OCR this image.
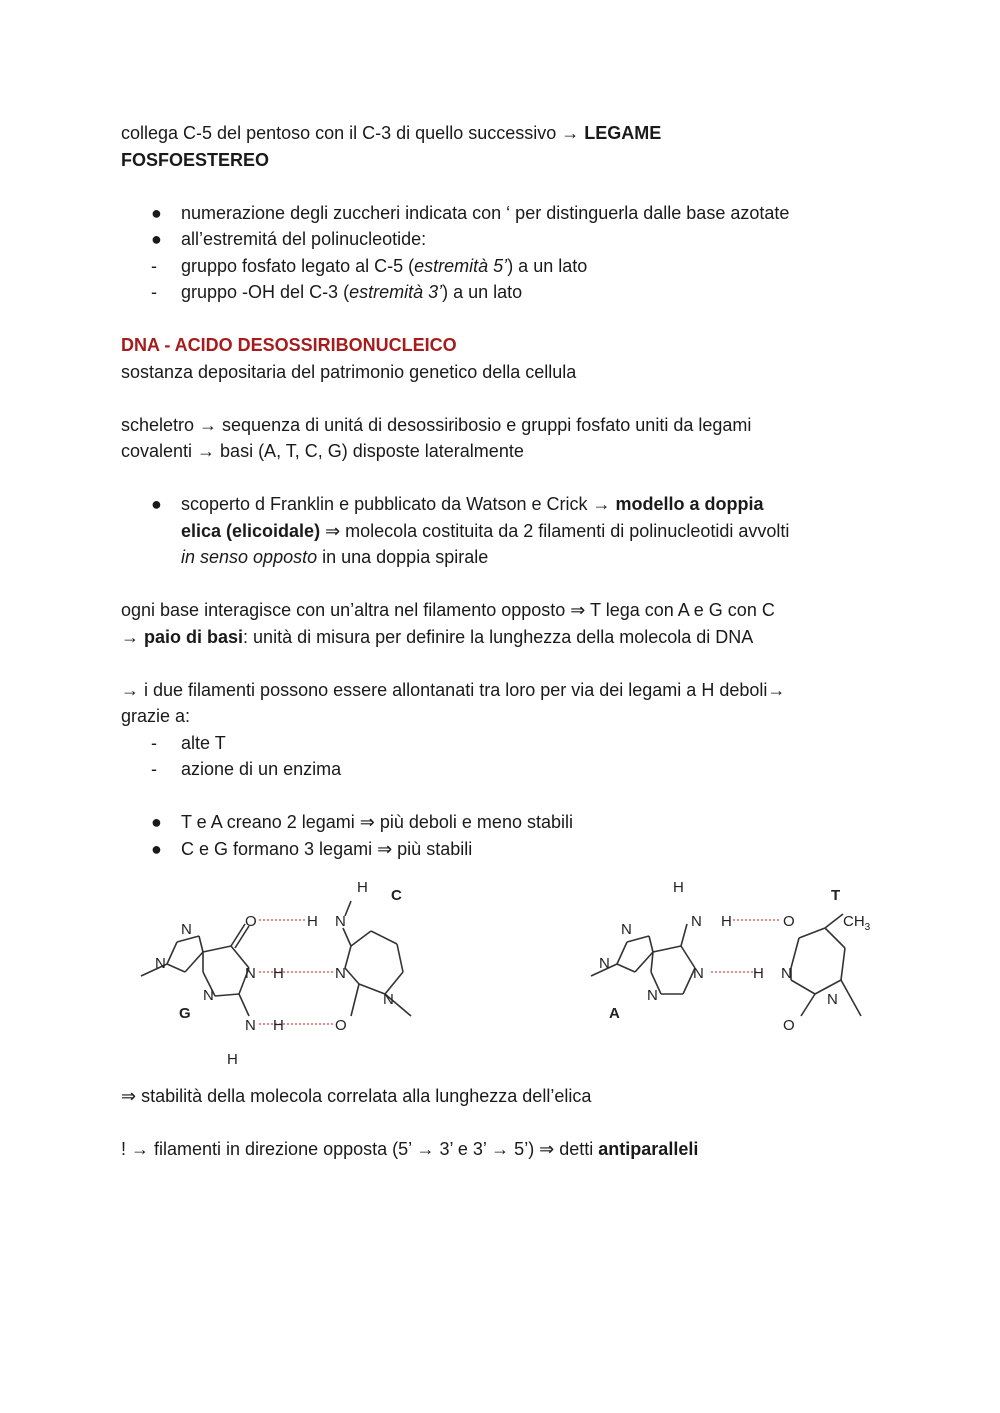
collega C-5 del pentoso con il C-3 di quello successivo → LEGAME

FOSFOESTEREO

●	numerazione degli zuccheri indicata con ‘ per distinguerla dalle base azotate
●	all’estremitá del polinucleotide:
-	gruppo fosfato legato al C-5 (estremità 5’) a un lato
-	gruppo -OH del C-3 (estremità 3’) a un lato

DNA - ACIDO DESOSSIRIBONUCLEICO

sostanza depositaria del patrimonio genetico della cellula

scheletro → sequenza di unitá di desossiribosio e gruppi fosfato uniti da legami

covalenti → basi (A, T, C, G) disposte lateralmente

●	scoperto d Franklin e pubblicato da Watson e Crick → modello a doppia
elica (elicoidale) ⇒ molecola costituita da 2 filamenti di polinucleotidi avvolti
in senso opposto in una doppia spirale

ogni base interagisce con un’altra nel filamento opposto ⇒ T lega con A e G con C

→ paio di basi: unità di misura per definire la lunghezza della molecola di DNA

→ i due filamenti possono essere allontanati tra loro per via dei legami a H deboli→

grazie a:

-	alte T
-	azione di un enzima
●	T e A creano 2 legami ⇒ più deboli e meno stabili
●	C e G formano 3 legami ⇒ più stabili
N
N
N
O
N H
N H
H
G
H N
H C
N
O
N
N
N
N
H
N H
N
A
O
H N
O
N
T
$CH_3$

⇒ stabilità della molecola correlata alla lunghezza dell’elica

! → filamenti in direzione opposta (5’ → 3’ e 3’ → 5’) ⇒ detti antiparalleli
